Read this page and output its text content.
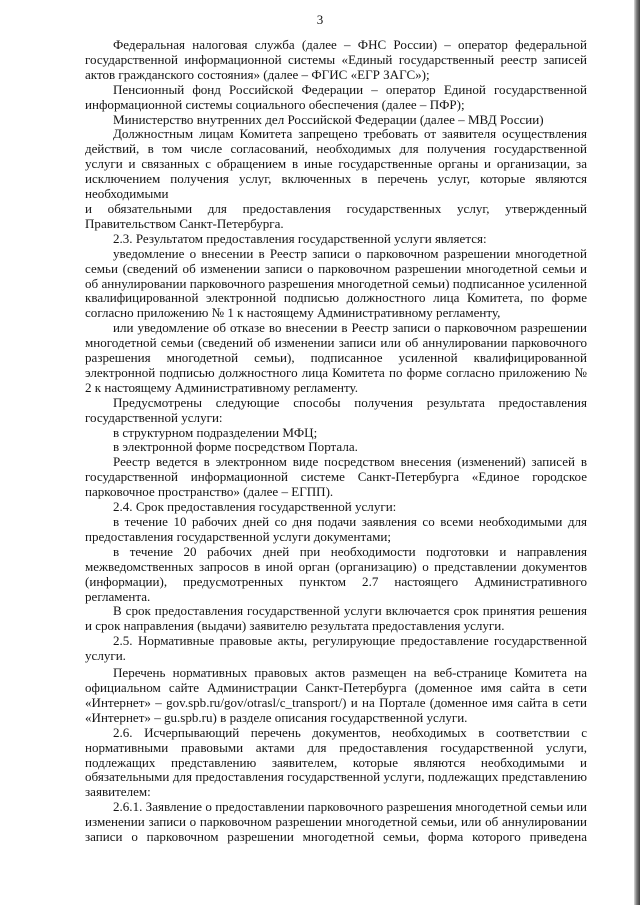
3

Федеральная налоговая служба (далее – ФНС России) – оператор федеральной государственной информационной системы «Единый государственный реестр записей актов гражданского состояния» (далее – ФГИС «ЕГР ЗАГС»);

Пенсионный фонд Российской Федерации – оператор Единой государственной информационной системы социального обеспечения (далее – ПФР);

Министерство внутренних дел Российской Федерации (далее – МВД России)

Должностным лицам Комитета запрещено требовать от заявителя осуществления действий, в том числе согласований, необходимых для получения государственной услуги и связанных с обращением в иные государственные органы и организации, за исключением получения услуг, включенных в перечень услуг, которые являются необходимыми

и обязательными для предоставления государственных услуг, утвержденный Правительством Санкт-Петербурга.

2.3. Результатом предоставления государственной услуги является:

уведомление о внесении в Реестр записи о парковочном разрешении многодетной семьи (сведений об изменении записи о парковочном разрешении многодетной семьи и об аннулировании парковочного разрешения многодетной семьи) подписанное усиленной квалифицированной электронной подписью должностного лица Комитета, по форме согласно приложению № 1 к настоящему Административному регламенту,

или уведомление об отказе во внесении в Реестр записи о парковочном разрешении многодетной семьи (сведений об изменении записи или об аннулировании парковочного разрешения многодетной семьи), подписанное усиленной квалифицированной электронной подписью должностного лица Комитета по форме согласно приложению № 2 к настоящему Административному регламенту.

Предусмотрены следующие способы получения результата предоставления государственной услуги:

в структурном подразделении МФЦ;

в электронной форме посредством Портала.

Реестр ведется в электронном виде посредством внесения (изменений) записей в государственной информационной системе Санкт-Петербурга «Единое городское парковочное пространство» (далее – ЕГПП).

2.4. Срок предоставления государственной услуги:

в течение 10 рабочих дней со дня подачи заявления со всеми необходимыми для предоставления государственной услуги документами;

в течение 20 рабочих дней при необходимости подготовки и направления межведомственных запросов в иной орган (организацию) о представлении документов (информации), предусмотренных пунктом 2.7 настоящего Административного регламента.

В срок предоставления государственной услуги включается срок принятия решения и срок направления (выдачи) заявителю результата предоставления услуги.

2.5. Нормативные правовые акты, регулирующие предоставление государственной услуги.

Перечень нормативных правовых актов размещен на веб-странице Комитета на официальном сайте Администрации Санкт-Петербурга (доменное имя сайта в сети «Интернет» – gov.spb.ru/gov/otrasl/c_transport/) и на Портале (доменное имя сайта в сети «Интернет» – gu.spb.ru) в разделе описания государственной услуги.

2.6. Исчерпывающий перечень документов, необходимых в соответствии с нормативными правовыми актами для предоставления государственной услуги, подлежащих представлению заявителем, которые являются необходимыми и обязательными для предоставления государственной услуги, подлежащих представлению заявителем:

2.6.1. Заявление о предоставлении парковочного разрешения многодетной семьи или изменении записи о парковочном разрешении многодетной семьи, или об аннулировании записи о парковочном разрешении многодетной семьи, форма которого приведена
